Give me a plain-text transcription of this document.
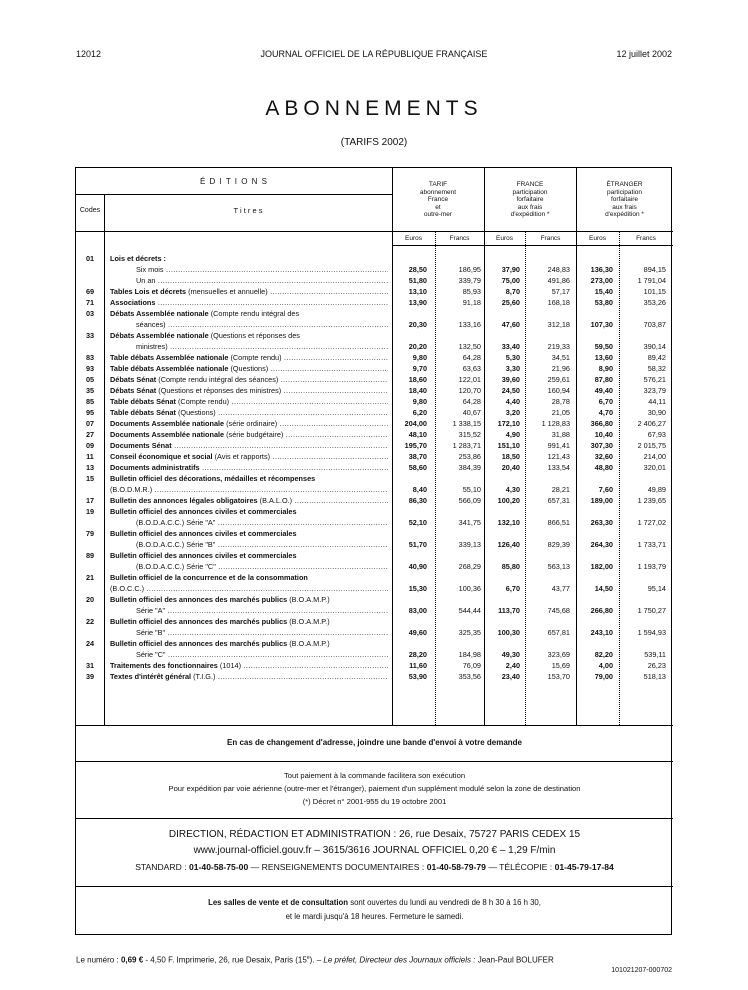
12012	JOURNAL OFFICIEL DE LA RÉPUBLIQUE FRANÇAISE	12 juillet 2002
ABONNEMENTS
(TARIFS 2002)
É D I T I O N S
Codes	T i t r e s
TARIF
abonnement
France
et
outre-mer
FRANCE
participation
forfaitaire
aux frais
d'expédition *
ÉTRANGER
participation
forfaitaire
aux frais
d'expédition *
Euros	Francs	Euros	Francs	Euros	Francs
01	Lois et décrets :
Six mois .....	28,50	186,95	37,90	248,83	136,30	894,15
Un an .....	51,80	339,79	75,00	491,86	273,00	1 791,04
69	Tables Lois et décrets (mensuelles et annuelle) .....	13,10	85,93	8,70	57,17	15,40	101,15
71	Associations .....	13,90	91,18	25,60	168,18	53,80	353,26
03	Débats Assemblée nationale (Compte rendu intégral des
séances) .....	20,30	133,16	47,60	312,18	107,30	703,87
33	Débats Assemblée nationale (Questions et réponses des
ministres) .....	20,20	132,50	33,40	219,33	59,50	390,14
83	Table débats Assemblée nationale (Compte rendu) .....	9,80	64,28	5,30	34,51	13,60	89,42
93	Table débats Assemblée nationale (Questions) .....	9,70	63,63	3,30	21,96	8,90	58,32
05	Débats Sénat (Compte rendu intégral des séances) .....	18,60	122,01	39,60	259,61	87,80	576,21
35	Débats Sénat (Questions et réponses des ministres) .....	18,40	120,70	24,50	160,94	49,40	323,79
85	Table débats Sénat (Compte rendu) .....	9,80	64,28	4,40	28,78	6,70	44,11
95	Table débats Sénat (Questions) .....	6,20	40,67	3,20	21,05	4,70	30,90
07	Documents Assemblée nationale (série ordinaire) .....	204,00	1 338,15	172,10	1 128,83	366,80	2 406,27
27	Documents Assemblée nationale (série budgétaire) .....	48,10	315,52	4,90	31,88	10,40	67,93
09	Documents Sénat .....	195,70	1 283,71	151,10	991,41	307,30	2 015,75
11	Conseil économique et social (Avis et rapports) .....	38,70	253,86	18,50	121,43	32,60	214,00
13	Documents administratifs .....	58,60	384,39	20,40	133,54	48,80	320,01
15	Bulletin officiel des décorations, médailles et récompenses
(B.O.D.M.R.) .....	8,40	55,10	4,30	28,21	7,60	49,89
17	Bulletin des annonces légales obligatoires (B.A.L.O.) .....	86,30	566,09	100,20	657,31	189,00	1 239,65
19	Bulletin officiel des annonces civiles et commerciales
(B.O.D.A.C.C.) Série "A" .....	52,10	341,75	132,10	866,51	263,30	1 727,02
79	Bulletin officiel des annonces civiles et commerciales
(B.O.D.A.C.C.) Série "B" .....	51,70	339,13	126,40	829,39	264,30	1 733,71
89	Bulletin officiel des annonces civiles et commerciales
(B.O.D.A.C.C.) Série "C" .....	40,90	268,29	85,80	563,13	182,00	1 193,79
21	Bulletin officiel de la concurrence et de la consommation
(B.O.C.C.) .....	15,30	100,36	6,70	43,77	14,50	95,14
20	Bulletin officiel des annonces des marchés publics (B.O.A.M.P.)
Série "A" .....	83,00	544,44	113,70	745,68	266,80	1 750,27
22	Bulletin officiel des annonces des marchés publics (B.O.A.M.P.)
Série "B" .....	49,60	325,35	100,30	657,81	243,10	1 594,93
24	Bulletin officiel des annonces des marchés publics (B.O.A.M.P.)
Série "C" .....	28,20	184,98	49,30	323,69	82,20	539,11
31	Traitements des fonctionnaires (1014) .....	11,60	76,09	2,40	15,69	4,00	26,23
39	Textes d'intérêt général (T.I.G.) .....	53,90	353,56	23,40	153,70	79,00	518,13
En cas de changement d'adresse, joindre une bande d'envoi à votre demande
Tout paiement à la commande facilitera son exécution
Pour expédition par voie aérienne (outre-mer et l'étranger), paiement d'un supplément modulé selon la zone de destination
(*) Décret n° 2001-955 du 19 octobre 2001
DIRECTION, RÉDACTION ET ADMINISTRATION : 26, rue Desaix, 75727 PARIS CEDEX 15
www.journal-officiel.gouv.fr – 3615/3616 JOURNAL OFFICIEL 0,20 € – 1,29 F/min
STANDARD : 01-40-58-75-00 — RENSEIGNEMENTS DOCUMENTAIRES : 01-40-58-79-79 — TÉLÉCOPIE : 01-45-79-17-84
Les salles de vente et de consultation sont ouvertes du lundi au vendredi de 8 h 30 à 16 h 30,
et le mardi jusqu'à 18 heures. Fermeture le samedi.
Le numéro : 0,69 € - 4,50 F. Imprimerie, 26, rue Desaix, Paris (15e). – Le préfet, Directeur des Journaux officiels : Jean-Paul BOLUFER
101021207-000702
